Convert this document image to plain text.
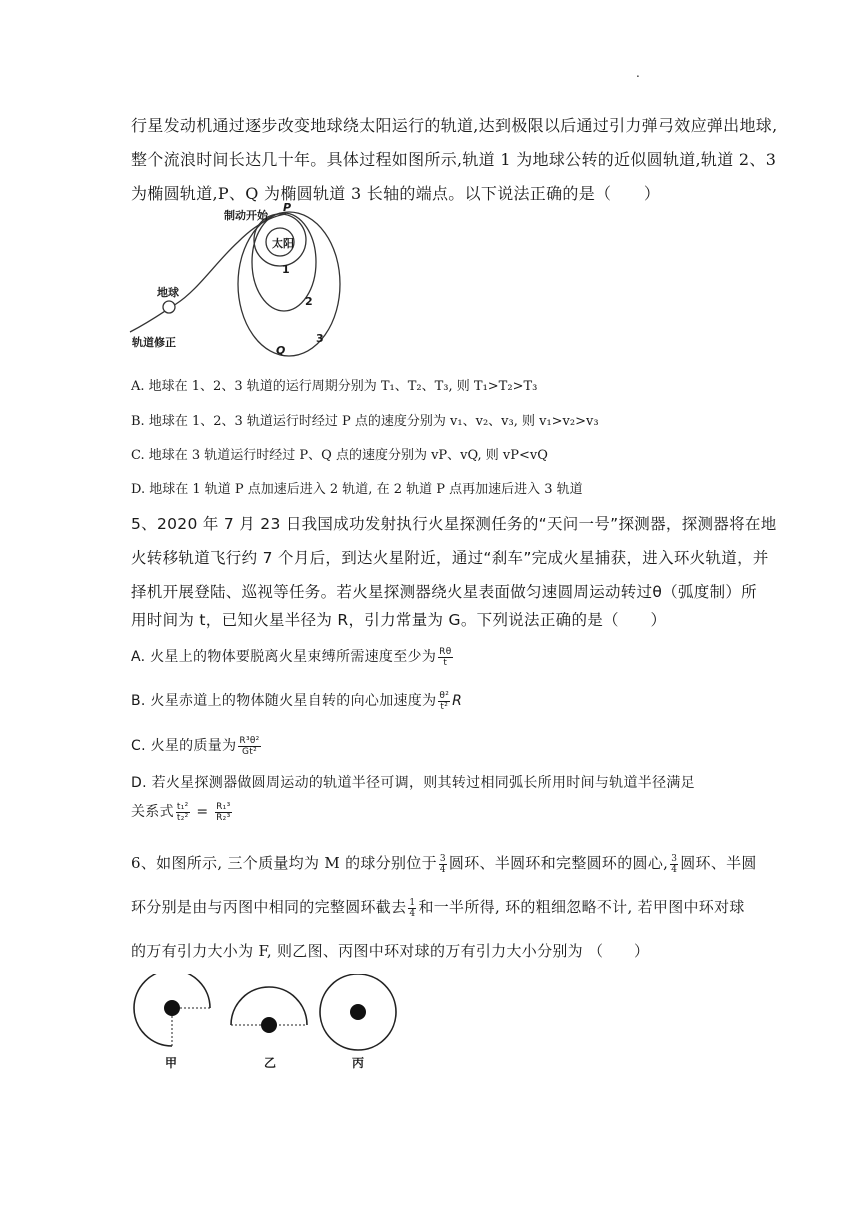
.
行星发动机通过逐步改变地球绕太阳运行的轨道,达到极限以后通过引力弹弓效应弹出地球,
整个流浪时间长达几十年。具体过程如图所示,轨道 1 为地球公转的近似圆轨道,轨道 2、3
为椭圆轨道,P、Q 为椭圆轨道 3 长轴的端点。以下说法正确的是（　　）
制动开始
P
太阳
1
2
3
地球
Q
轨道修正
A. 地球在 1、2、3 轨道的运行周期分别为 T₁、T₂、T₃, 则 T₁>T₂>T₃
B. 地球在 1、2、3 轨道运行时经过 P 点的速度分别为 v₁、v₂、v₃, 则 v₁>v₂>v₃
C. 地球在 3 轨道运行时经过 P、Q 点的速度分别为 vP、vQ, 则 vP<vQ
D. 地球在 1 轨道 P 点加速后进入 2 轨道, 在 2 轨道 P 点再加速后进入 3 轨道
5、2020 年 7 月 23 日我国成功发射执行火星探测任务的“天问一号”探测器，探测器将在地
火转移轨道飞行约 7 个月后，到达火星附近，通过“刹车”完成火星捕获，进入环火轨道，并
择机开展登陆、巡视等任务。若火星探测器绕火星表面做匀速圆周运动转过θ（弧度制）所
用时间为 t，已知火星半径为 R，引力常量为 G。下列说法正确的是（　　）
A. 火星上的物体要脱离火星束缚所需速度至少为 $\frac{R\theta}{t}$
B. 火星赤道上的物体随火星自转的向心加速度为 $\frac{\text{θ²}}{\text{t²}}$ R
C. 火星的质量为 $\frac{\text{R³θ²}}{\text{Gt²}}$
D. 若火星探测器做圆周运动的轨道半径可调，则其转过相同弧长所用时间与轨道半径满足
关系式 $\frac{\text{t₁²}}{\text{t₂²}} = \frac{\text{R₁³}}{\text{R₂³}}$
6、如图所示, 三个质量均为 M 的球分别位于 $\frac{3}{4}$ 圆环、半圆环和完整圆环的圆心, $\frac{3}{4}$ 圆环、半圆
环分别是由与丙图中相同的完整圆环截去 $\frac{1}{4}$ 和一半所得, 环的粗细忽略不计, 若甲图中环对球
的万有引力大小为 F, 则乙图、丙图中环对球的万有引力大小分别为 （　　）
甲	乙	丙
